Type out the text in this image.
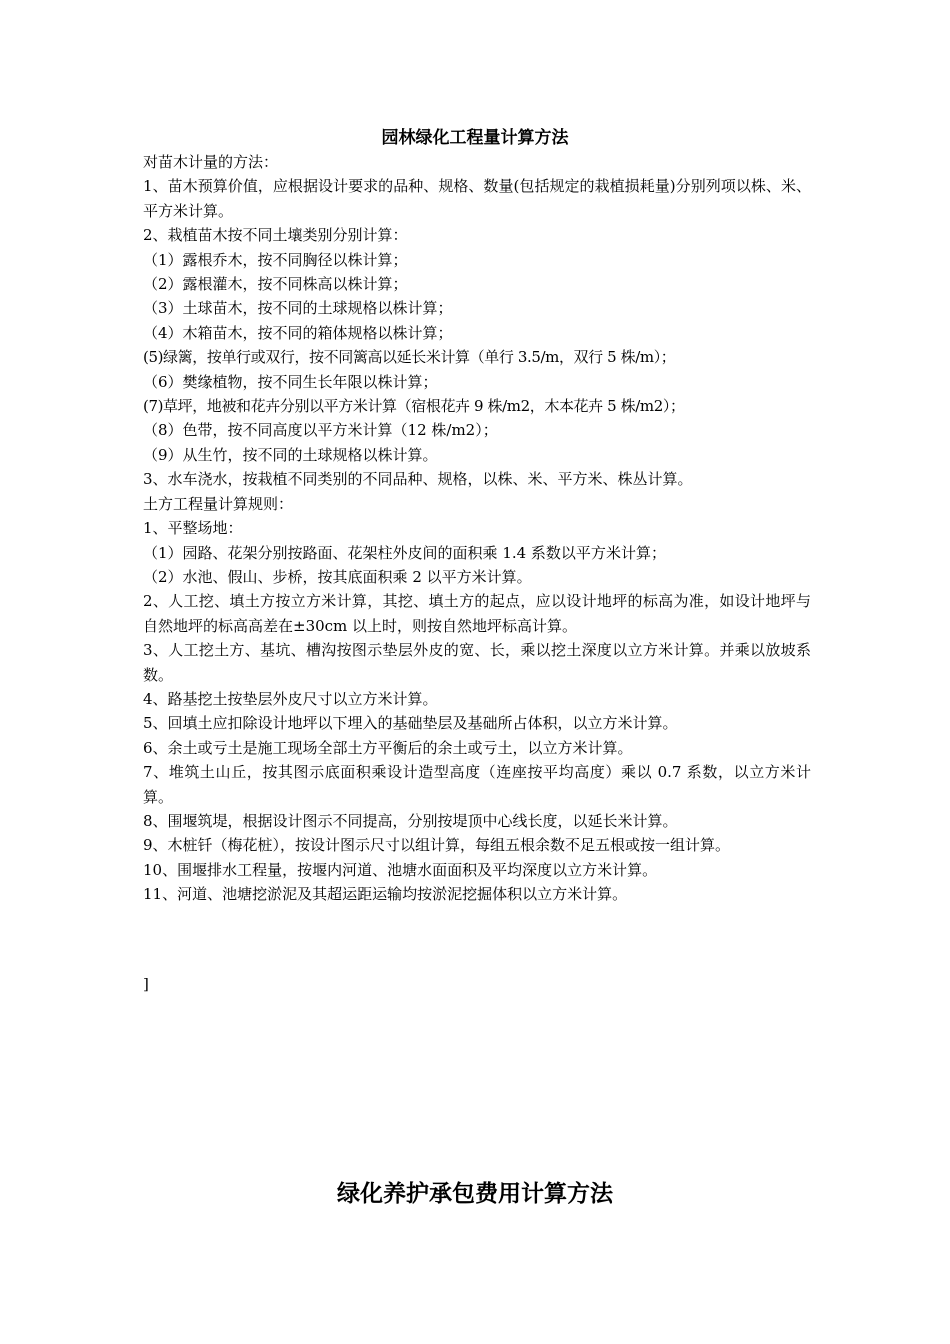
园林绿化工程量计算方法

对苗木计量的方法：

1、苗木预算价值，应根据设计要求的品种、规格、数量(包括规定的栽植损耗量)分别列项以株、米、平方米计算。

2、栽植苗木按不同土壤类别分别计算：

（1）露根乔木，按不同胸径以株计算；

（2）露根灌木，按不同株高以株计算；

（3）土球苗木，按不同的土球规格以株计算；

（4）木箱苗木，按不同的箱体规格以株计算；

(5)绿篱，按单行或双行，按不同篱高以延长米计算（单行 3.5/m，双行 5 株/m）；

（6）樊缘植物，按不同生长年限以株计算；

(7)草坪，地被和花卉分别以平方米计算（宿根花卉 9 株/m2，木本花卉 5 株/m2）；

（8）色带，按不同高度以平方米计算（12 株/m2）；

（9）从生竹，按不同的土球规格以株计算。

3、水车浇水，按栽植不同类别的不同品种、规格，以株、米、平方米、株丛计算。

土方工程量计算规则：

1、平整场地：

（1）园路、花架分别按路面、花架柱外皮间的面积乘 1.4 系数以平方米计算；

（2）水池、假山、步桥，按其底面积乘 2 以平方米计算。

2、人工挖、填土方按立方米计算，其挖、填土方的起点，应以设计地坪的标高为准，如设计地坪与自然地坪的标高高差在±30cm 以上时，则按自然地坪标高计算。

3、人工挖土方、基坑、槽沟按图示垫层外皮的宽、长，乘以挖土深度以立方米计算。并乘以放坡系数。

4、路基挖土按垫层外皮尺寸以立方米计算。

5、回填土应扣除设计地坪以下埋入的基础垫层及基础所占体积，以立方米计算。

6、余土或亏土是施工现场全部土方平衡后的余土或亏土，以立方米计算。

7、堆筑土山丘，按其图示底面积乘设计造型高度（连座按平均高度）乘以 0.7 系数，以立方米计算。

8、围堰筑堤，根据设计图示不同提高，分别按堤顶中心线长度，以延长米计算。

9、木桩钎（梅花桩），按设计图示尺寸以组计算，每组五根余数不足五根或按一组计算。

10、围堰排水工程量，按堰内河道、池塘水面面积及平均深度以立方米计算。

11、河道、池塘挖淤泥及其超运距运输均按淤泥挖掘体积以立方米计算。

]
绿化养护承包费用计算方法
